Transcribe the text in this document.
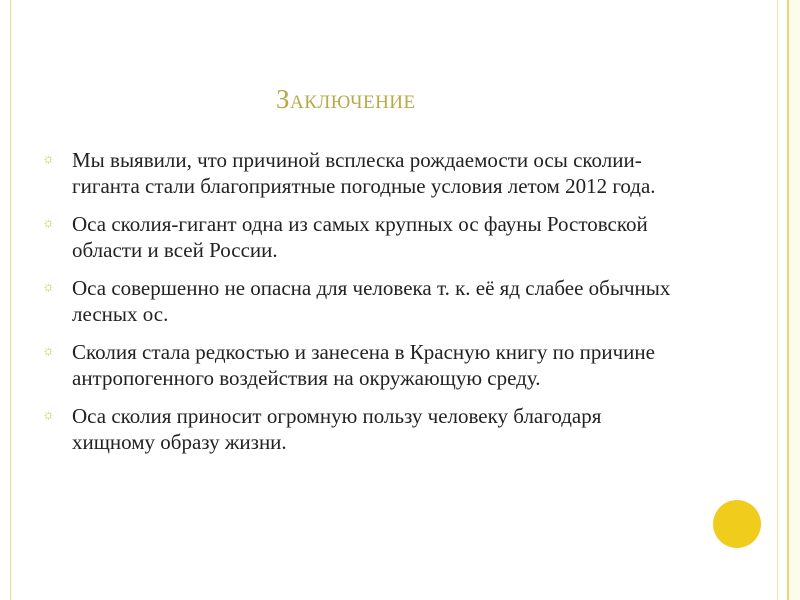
Заключение
☼ Мы выявили, что причиной всплеска рождаемости осы сколии-гиганта стали благоприятные погодные условия летом 2012 года.
☼ Оса сколия-гигант одна из самых крупных ос фауны Ростовской области и всей России.
☼ Оса совершенно не опасна для человека т. к. её яд слабее обычных лесных ос.
☼ Сколия стала редкостью и занесена в Красную книгу по причине антропогенного воздействия на окружающую среду.
☼ Оса сколия приносит огромную пользу человеку благодаря хищному образу жизни.
